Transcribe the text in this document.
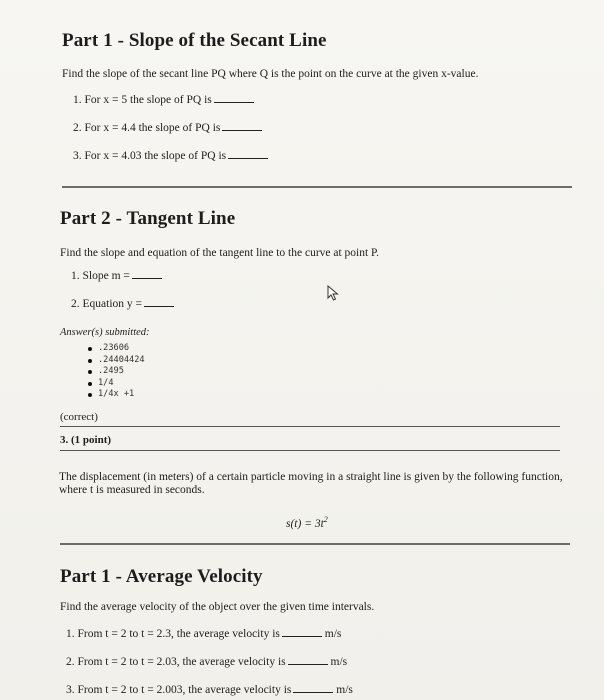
Part 1 - Slope of the Secant Line
Find the slope of the secant line PQ where Q is the point on the curve at the given x-value.
1. For x = 5 the slope of PQ is
2. For x = 4.4 the slope of PQ is
3. For x = 4.03 the slope of PQ is
Part 2 - Tangent Line
Find the slope and equation of the tangent line to the curve at point P.
1. Slope m =
2. Equation y =
Answer(s) submitted:
.23606
.24404424
.2495
1/4
1/4x +1
(correct)
3. (1 point)
The displacement (in meters) of a certain particle moving in a straight line is given by the following function, where t is measured in seconds.
$s(t) = 3t^2$
Part 1 - Average Velocity
Find the average velocity of the object over the given time intervals.
1. From t = 2 to t = 2.3, the average velocity is	m/s
2. From t = 2 to t = 2.03, the average velocity is	m/s
3. From t = 2 to t = 2.003, the average velocity is	m/s
